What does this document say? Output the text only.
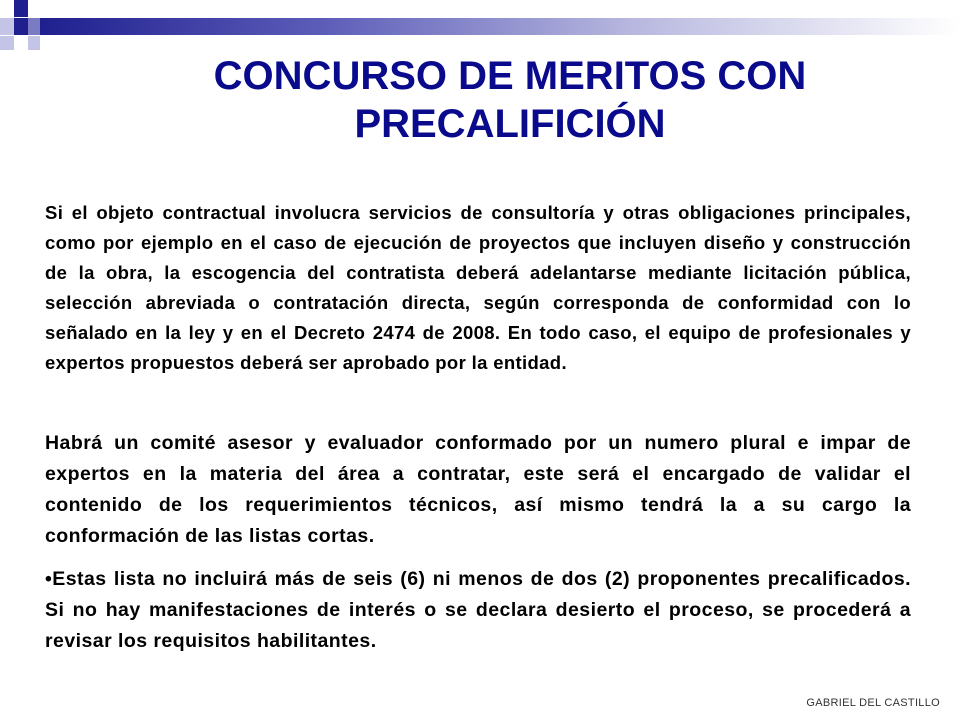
CONCURSO DE MERITOS CON
PRECALIFICIÓN

Si el objeto contractual involucra servicios de consultoría y otras obligaciones principales, como por ejemplo en el caso de ejecución de proyectos que incluyen diseño y construcción de la obra, la escogencia del contratista deberá adelantarse mediante licitación pública, selección abreviada o contratación directa, según corresponda de conformidad con lo señalado en la ley y en el Decreto 2474 de 2008. En todo caso, el equipo de profesionales y expertos propuestos deberá ser aprobado por la entidad.

Habrá un comité asesor y evaluador conformado por un numero plural e impar de expertos en la materia del área a contratar, este será el encargado de validar el contenido de los requerimientos técnicos, así mismo tendrá la a su cargo la conformación de las listas cortas.

•Estas lista no incluirá más de seis (6) ni menos de dos (2) proponentes precalificados. Si no hay manifestaciones de interés o se declara desierto el proceso, se procederá a revisar los requisitos habilitantes.

GABRIEL DEL CASTILLO
